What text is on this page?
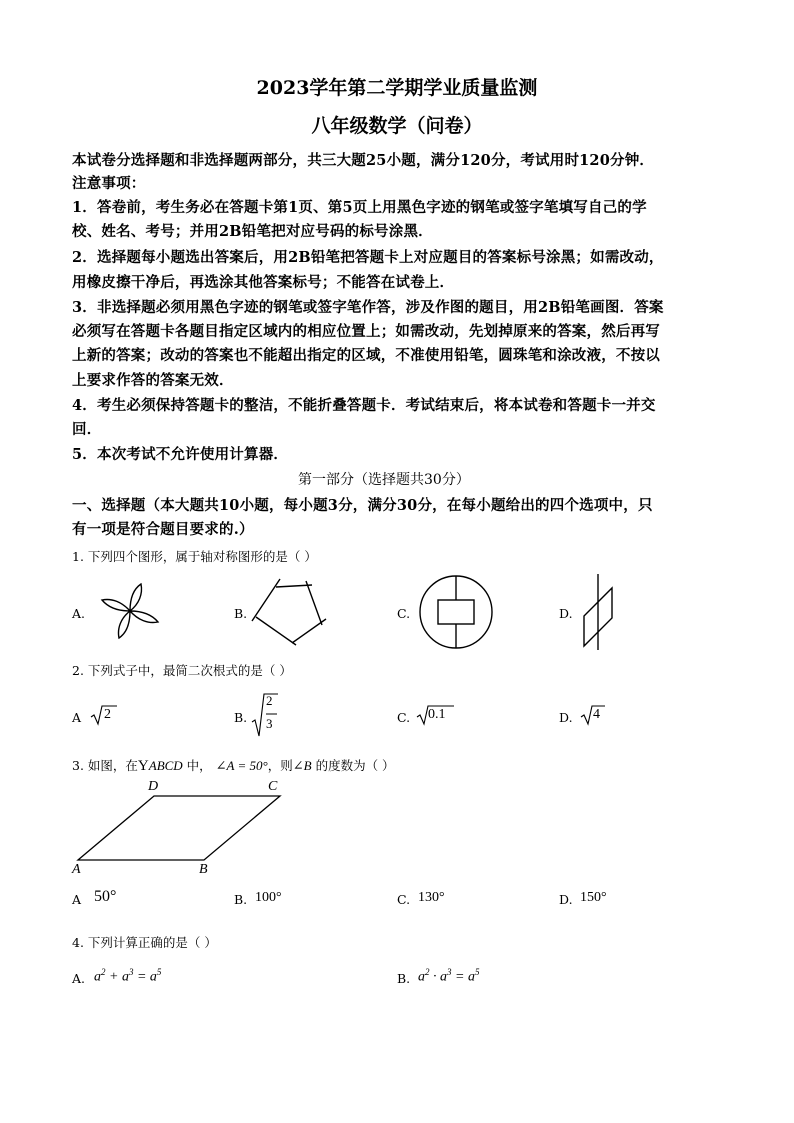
2023学年第二学期学业质量监测
八年级数学（问卷）
本试卷分选择题和非选择题两部分，共三大题25小题，满分120分，考试用时120分钟．
注意事项：
1．答卷前，考生务必在答题卡第1页、第5页上用黑色字迹的钢笔或签字笔填写自己的学
校、姓名、考号；并用2B铅笔把对应号码的标号涂黑．
2．选择题每小题选出答案后，用2B铅笔把答题卡上对应题目的答案标号涂黑；如需改动，
用橡皮擦干净后，再选涂其他答案标号；不能答在试卷上．
3．非选择题必须用黑色字迹的钢笔或签字笔作答，涉及作图的题目，用2B铅笔画图．答案
必须写在答题卡各题目指定区域内的相应位置上；如需改动，先划掉原来的答案，然后再写
上新的答案；改动的答案也不能超出指定的区域，不准使用铅笔，圆珠笔和涂改液，不按以
上要求作答的答案无效．
4．考生必须保持答题卡的整洁，不能折叠答题卡．考试结束后，将本试卷和答题卡一并交
回．
5．本次考试不允许使用计算器．
第一部分（选择题共30分）
一、选择题（本大题共10小题，每小题3分，满分30分，在每小题给出的四个选项中，只
有一项是符合题目要求的.）
1. 下列四个图形，属于轴对称图形的是（ ）
A.	B.	C.	D.
2. 下列式子中，最简二次根式的是（ ）
A 2	B.
2
3	C. 0.1	D. 4
3. 如图，在YABCD 中， ∠A = 50°，则∠B 的度数为（ ）
D	C
A	B
A 50°	B. 100°	C. 130°	D. 150°
4. 下列计算正确的是（ ）
A. $a^2 + a^3 = a^5$	B. $a^2 \cdot a^3 = a^5$
